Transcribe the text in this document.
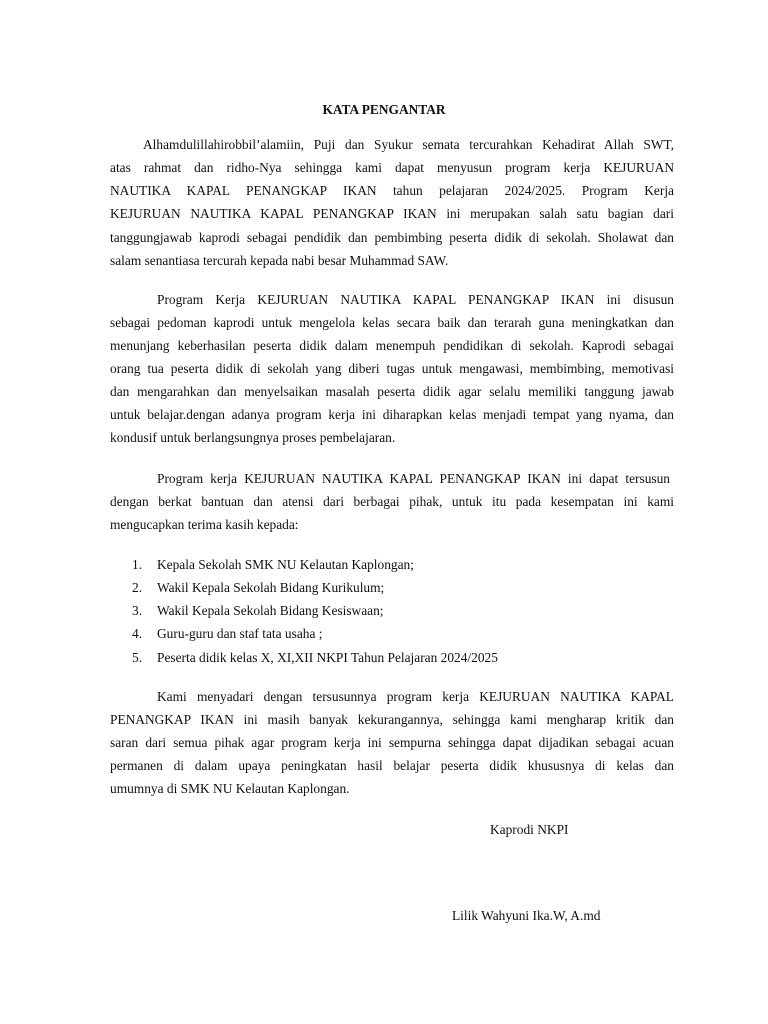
KATA PENGANTAR
Alhamdulillahirobbil’alamiin, Puji dan Syukur semata tercurahkan Kehadirat Allah SWT,
atas rahmat dan ridho-Nya sehingga kami dapat menyusun program kerja KEJURUAN
NAUTIKA KAPAL PENANGKAP IKAN tahun pelajaran 2024/2025. Program Kerja
KEJURUAN NAUTIKA KAPAL PENANGKAP IKAN ini merupakan salah satu bagian dari
tanggungjawab kaprodi sebagai pendidik dan pembimbing peserta didik di sekolah. Sholawat dan
salam senantiasa tercurah kepada nabi besar Muhammad SAW.
Program Kerja KEJURUAN NAUTIKA KAPAL PENANGKAP IKAN ini disusun
sebagai pedoman kaprodi untuk mengelola kelas secara baik dan terarah guna meningkatkan dan
menunjang keberhasilan peserta didik dalam menempuh pendidikan di sekolah. Kaprodi sebagai
orang tua peserta didik di sekolah yang diberi tugas untuk mengawasi, membimbing, memotivasi
dan mengarahkan dan menyelsaikan masalah peserta didik agar selalu memiliki tanggung jawab
untuk belajar.dengan adanya program kerja ini diharapkan kelas menjadi tempat yang nyama, dan
kondusif untuk berlangsungnya proses pembelajaran.
Program kerja KEJURUAN NAUTIKA KAPAL PENANGKAP IKAN ini dapat tersusun
dengan berkat bantuan dan atensi dari berbagai pihak, untuk itu pada kesempatan ini kami
mengucapkan terima kasih kepada:
1. Kepala Sekolah SMK NU Kelautan Kaplongan;
2. Wakil Kepala Sekolah Bidang Kurikulum;
3. Wakil Kepala Sekolah Bidang Kesiswaan;
4. Guru-guru dan staf tata usaha ;
5. Peserta didik kelas X, XI,XII NKPI Tahun Pelajaran 2024/2025
Kami menyadari dengan tersusunnya program kerja KEJURUAN NAUTIKA KAPAL
PENANGKAP IKAN ini masih banyak kekurangannya, sehingga kami mengharap kritik dan
saran dari semua pihak agar program kerja ini sempurna sehingga dapat dijadikan sebagai acuan
permanen di dalam upaya peningkatan hasil belajar peserta didik khususnya di kelas dan
umumnya di SMK NU Kelautan Kaplongan.
Kaprodi NKPI
Lilik Wahyuni Ika.W, A.md
